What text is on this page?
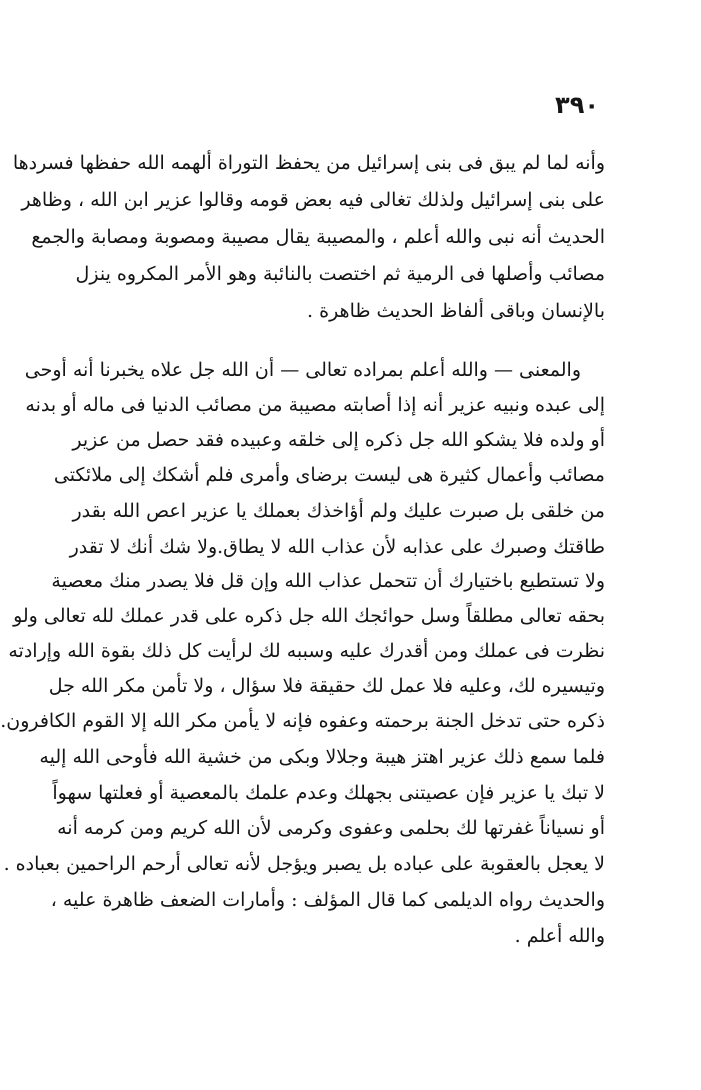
٣٩٠
وأنه لما لم يبق فى بنى إسرائيل من يحفظ التوراة ألهمه الله حفظها فسردها
على بنى إسرائيل ولذلك تغالى فيه بعض قومه وقالوا عزير ابن الله ، وظاهر
الحديث أنه نبى والله أعلم ، والمصيبة يقال مصيبة ومصوبة ومصابة والجمع
مصائب وأصلها فى الرمية ثم اختصت بالنائبة وهو الأمر المكروه ينزل
بالإنسان وباقى ألفاظ الحديث ظاهرة .
والمعنى — والله أعلم بمراده تعالى — أن الله جل علاه يخبرنا أنه أوحى
إلى عبده ونبيه عزير أنه إذا أصابته مصيبة من مصائب الدنيا فى ماله أو بدنه
أو ولده فلا يشكو الله جل ذكره إلى خلقه وعبيده فقد حصل من عزير
مصائب وأعمال كثيرة هى ليست برضاى وأمرى فلم أشكك إلى ملائكتى
من خلقى بل صبرت عليك ولم أؤاخذك بعملك يا عزير اعص الله بقدر
طاقتك وصبرك على عذابه لأن عذاب الله لا يطاق.ولا شك أنك لا تقدر
ولا تستطيع باختيارك أن تتحمل عذاب الله وإن قل فلا يصدر منك معصية
بحقه تعالى مطلقاً وسل حوائجك الله جل ذكره على قدر عملك لله تعالى ولو
نظرت فى عملك ومن أقدرك عليه وسببه لك لرأيت كل ذلك بقوة الله وإرادته
وتيسيره لك، وعليه فلا عمل لك حقيقة فلا سؤال ، ولا تأمن مكر الله جل
ذكره حتى تدخل الجنة برحمته وعفوه فإنه لا يأمن مكر الله إلا القوم الكافرون.
فلما سمع ذلك عزير اهتز هيبة وجلالا وبكى من خشية الله فأوحى الله إليه
لا تبك يا عزير فإن عصيتنى بجهلك وعدم علمك بالمعصية أو فعلتها سهواً
أو نسياناً غفرتها لك بحلمى وعفوى وكرمى لأن الله كريم ومن كرمه أنه
لا يعجل بالعقوبة على عباده بل يصبر ويؤجل لأنه تعالى أرحم الراحمين بعباده .
والحديث رواه الديلمى كما قال المؤلف : وأمارات الضعف ظاهرة عليه ،
والله أعلم .
